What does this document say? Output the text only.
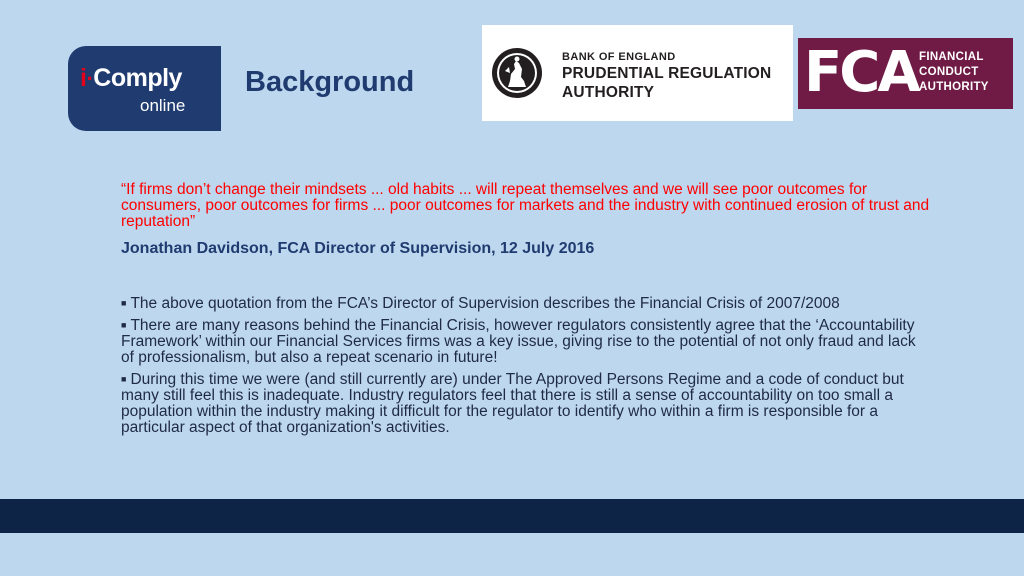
i·Comply
online
Background
BANK OF ENGLAND
PRUDENTIAL REGULATION
AUTHORITY	FCA FINANCIAL
CONDUCT
AUTHORITY

“If firms don’t change their mindsets ... old habits ... will repeat themselves and we will see poor outcomes for consumers, poor outcomes for firms ... poor outcomes for markets and the industry with continued erosion of trust and reputation”

Jonathan Davidson, FCA Director of Supervision, 12 July 2016

■ The above quotation from the FCA’s Director of Supervision describes the Financial Crisis of 2007/2008
■ There are many reasons behind the Financial Crisis, however regulators consistently agree that the ‘Accountability Framework’ within our Financial Services firms was a key issue, giving rise to the potential of not only fraud and lack of professionalism, but also a repeat scenario in future!
■ During this time we were (and still currently are) under The Approved Persons Regime and a code of conduct but many still feel this is inadequate. Industry regulators feel that there is still a sense of accountability on too small a population within the industry making it difficult for the regulator to identify who within a firm is responsible for a particular aspect of that organization's activities.
